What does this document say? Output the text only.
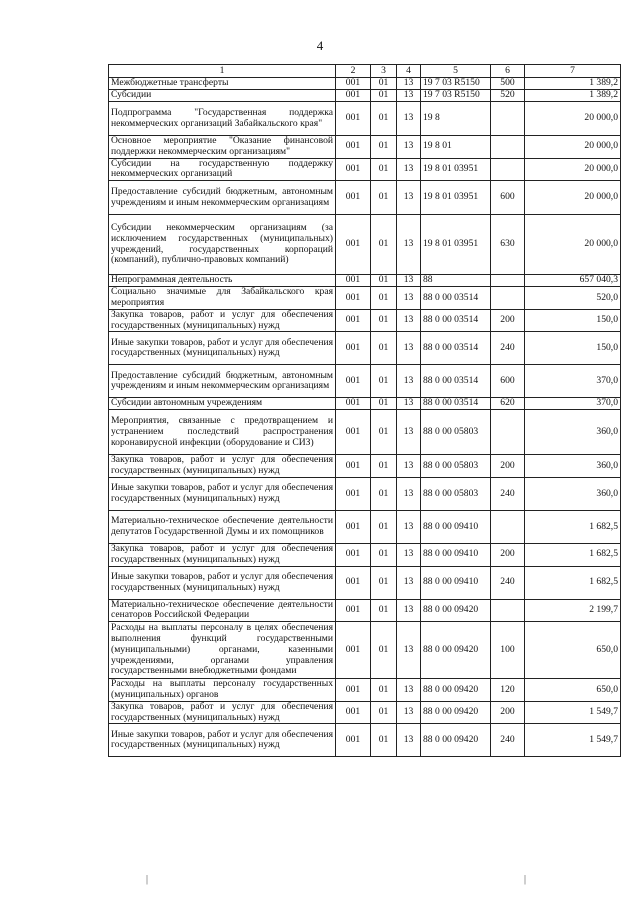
4
1	2	3	4	5	6	7
Межбюджетные трансферты	001	01	13	19 7 03 R5150	500	1 389,2
Субсидии	001	01	13	19 7 03 R5150	520	1 389,2
Подпрограмма "Государственная поддержка некоммерческих организаций Забайкальского края"	001	01	13	19 8		20 000,0
Основное мероприятие "Оказание финансовой поддержки некоммерческим организациям"	001	01	13	19 8 01		20 000,0
Субсидии на государственную поддержку некоммерческих организаций	001	01	13	19 8 01 03951		20 000,0
Предоставление субсидий бюджетным, автономным учреждениям и иным некоммерческим организациям	001	01	13	19 8 01 03951	600	20 000,0
Субсидии некоммерческим организациям (за исключением государственных (муниципальных) учреждений, государственных корпораций (компаний), публично-правовых компаний)	001	01	13	19 8 01 03951	630	20 000,0
Непрограммная деятельность	001	01	13	88		657 040,3
Социально значимые для Забайкальского края мероприятия	001	01	13	88 0 00 03514		520,0
Закупка товаров, работ и услуг для обеспечения государственных (муниципальных) нужд	001	01	13	88 0 00 03514	200	150,0
Иные закупки товаров, работ и услуг для обеспечения государственных (муниципальных) нужд	001	01	13	88 0 00 03514	240	150,0
Предоставление субсидий бюджетным, автономным учреждениям и иным некоммерческим организациям	001	01	13	88 0 00 03514	600	370,0
Субсидии автономным учреждениям	001	01	13	88 0 00 03514	620	370,0
Мероприятия, связанные с предотвращением и устранением последствий распространения коронавирусной инфекции (оборудование и СИЗ)	001	01	13	88 0 00 05803		360,0
Закупка товаров, работ и услуг для обеспечения государственных (муниципальных) нужд	001	01	13	88 0 00 05803	200	360,0
Иные закупки товаров, работ и услуг для обеспечения государственных (муниципальных) нужд	001	01	13	88 0 00 05803	240	360,0
Материально-техническое обеспечение деятельности депутатов Государственной Думы и их помощников	001	01	13	88 0 00 09410		1 682,5
Закупка товаров, работ и услуг для обеспечения государственных (муниципальных) нужд	001	01	13	88 0 00 09410	200	1 682,5
Иные закупки товаров, работ и услуг для обеспечения государственных (муниципальных) нужд	001	01	13	88 0 00 09410	240	1 682,5
Материально-техническое обеспечение деятельности сенаторов Российской Федерации	001	01	13	88 0 00 09420		2 199,7
Расходы на выплаты персоналу в целях обеспечения выполнения функций государственными (муниципальными) органами, казенными учреждениями, органами управления государственными внебюджетными фондами	001	01	13	88 0 00 09420	100	650,0
Расходы на выплаты персоналу государственных (муниципальных) органов	001	01	13	88 0 00 09420	120	650,0
Закупка товаров, работ и услуг для обеспечения государственных (муниципальных) нужд	001	01	13	88 0 00 09420	200	1 549,7
Иные закупки товаров, работ и услуг для обеспечения государственных (муниципальных) нужд	001	01	13	88 0 00 09420	240	1 549,7
|	|
